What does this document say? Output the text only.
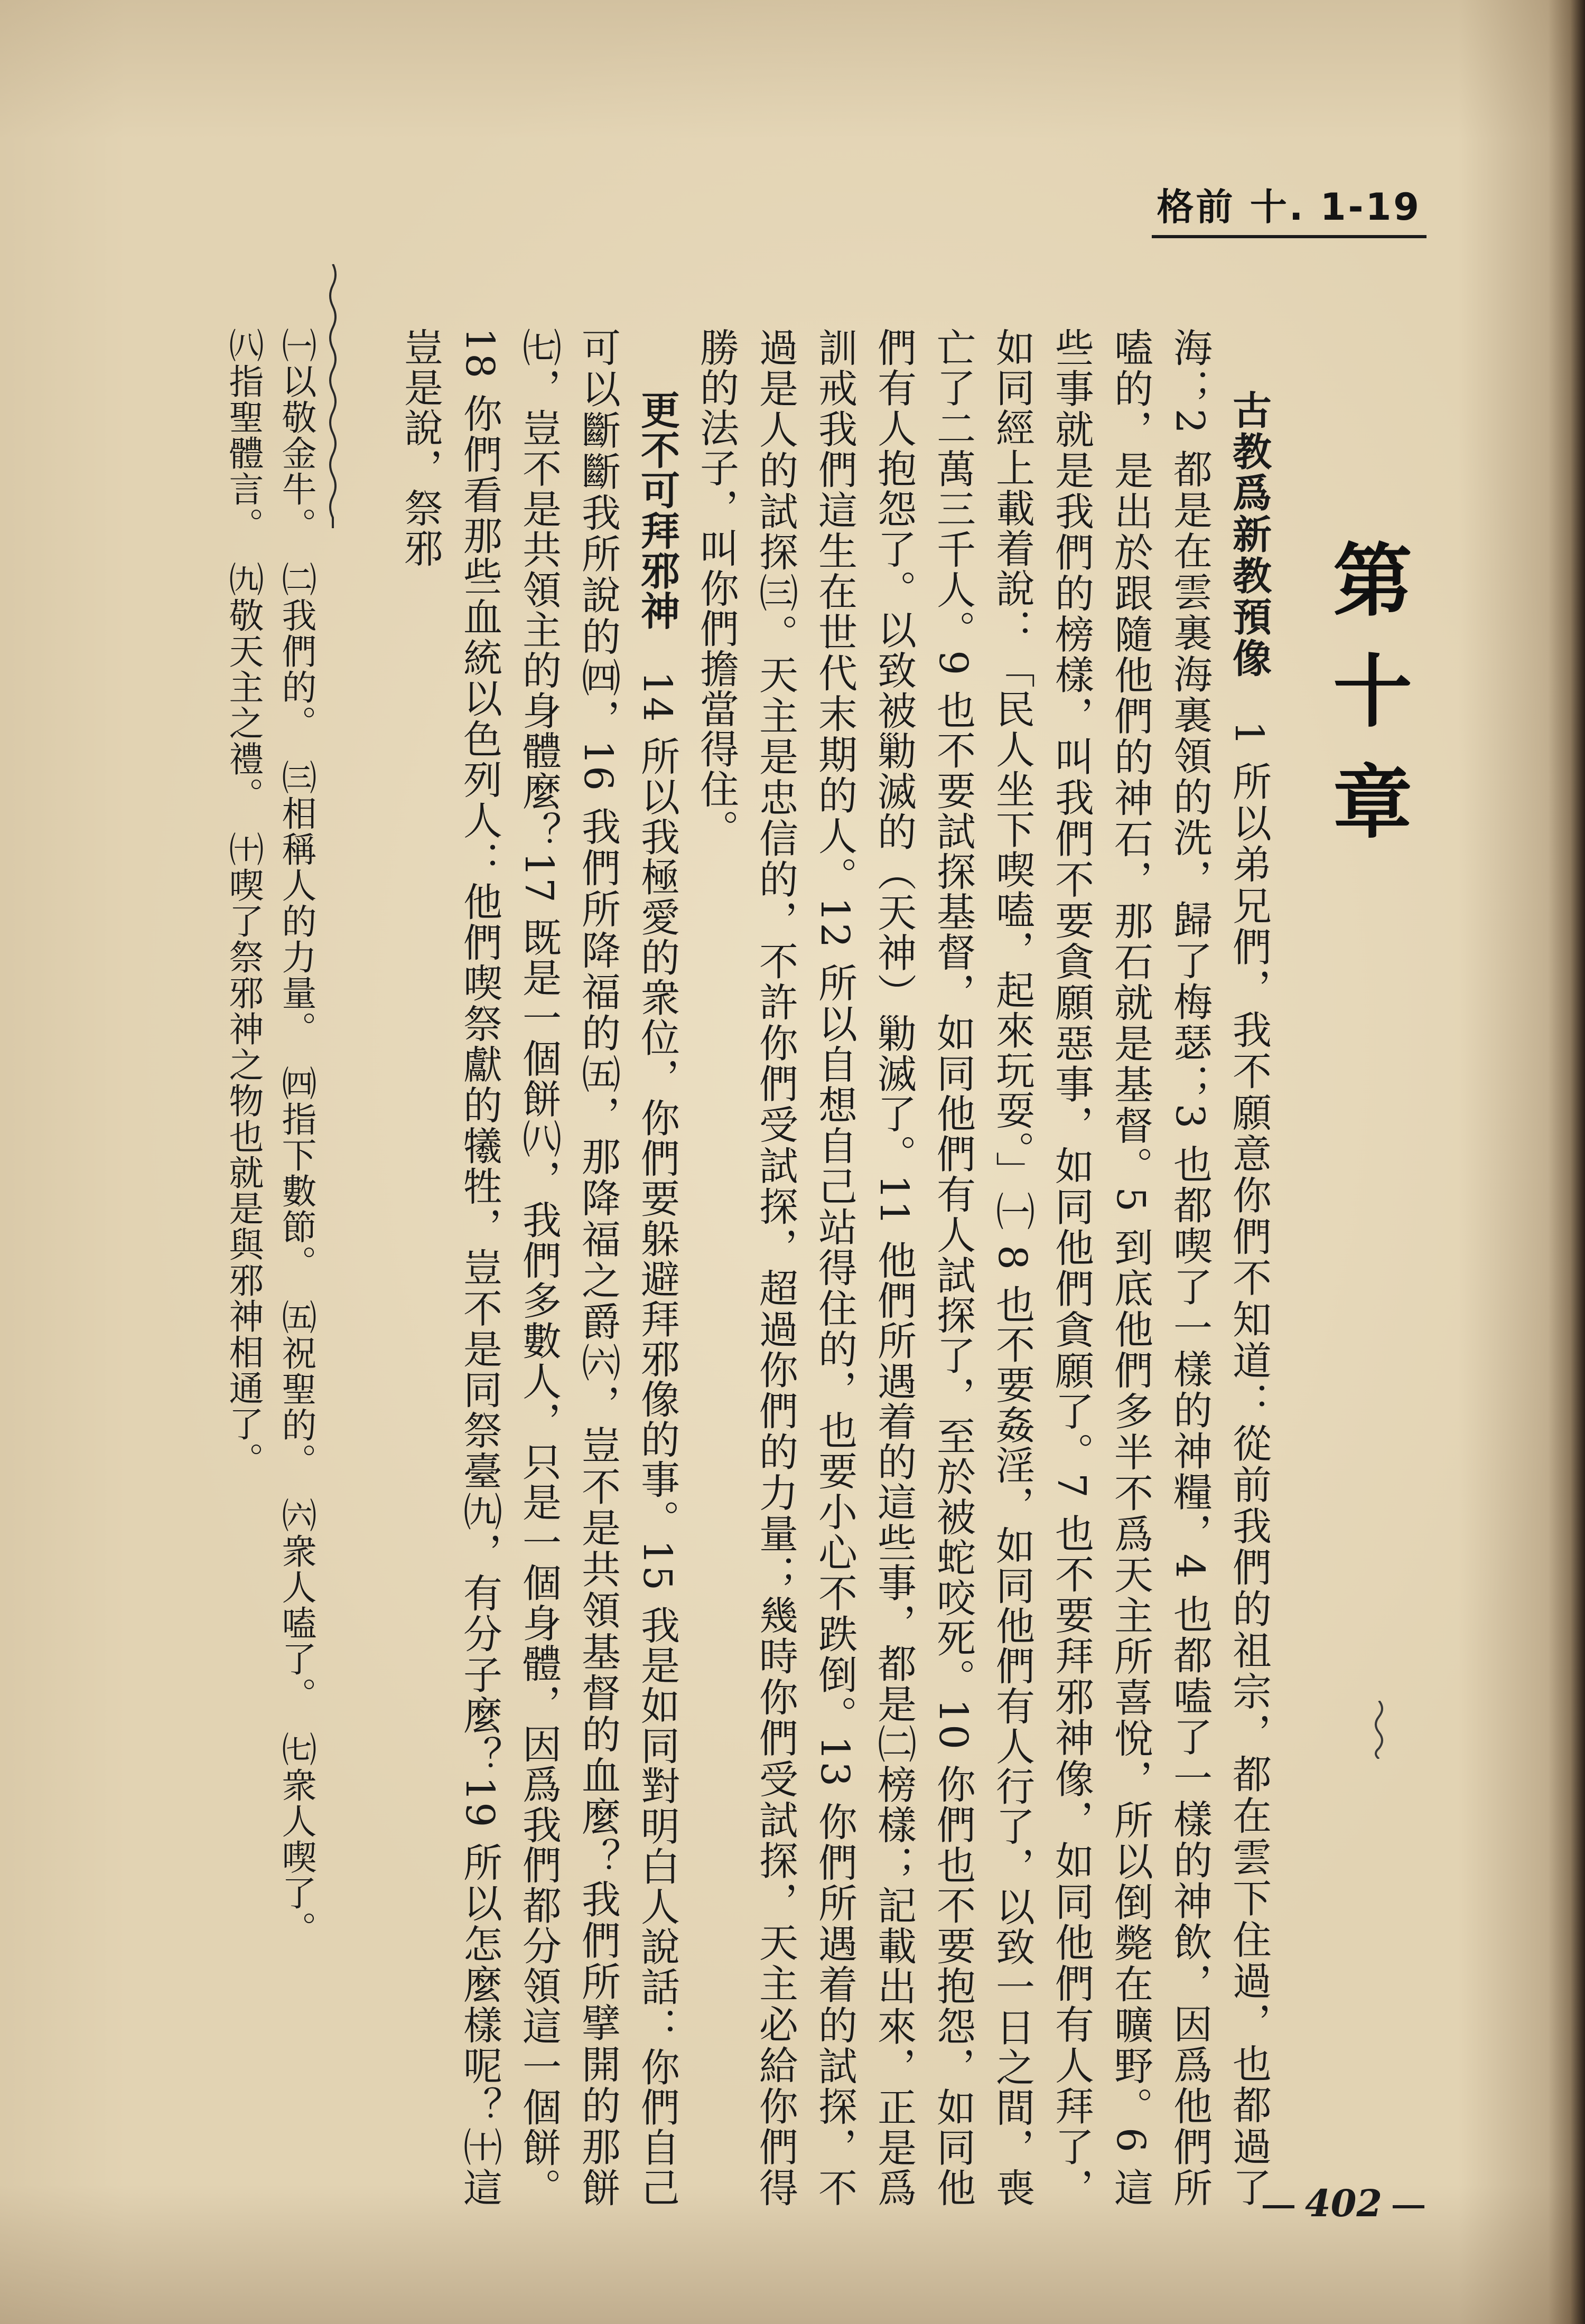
格前 十. 1-19
第十章

古教爲新教預像　1 所以弟兄們，我不願意你們不知道：從前我們的祖宗，都在雲下住過，也都過了海；2 都是在雲裏海裏領的洗，歸了梅瑟；3 也都喫了一樣的神糧，4 也都嗑了一樣的神飲，因爲他們所嗑的，是出於跟隨他們的神石，那石就是基督。5 到底他們多半不爲天主所喜悅，所以倒斃在曠野。6 這些事就是我們的榜樣，叫我們不要貪願惡事，如同他們貪願了。7 也不要拜邪神像，如同他們有人拜了，如同經上載着說：「民人坐下喫嗑，起來玩耍。」㈠ 8 也不要姦淫，如同他們有人行了，以致一日之間，喪亡了二萬三千人。9 也不要試探基督，如同他們有人試探了，至於被蛇咬死。10 你們也不要抱怨，如同他們有人抱怨了。以致被勦滅的（天神）勦滅了。11 他們所遇着的這些事，都是㈡榜樣；記載出來，正是爲訓戒我們這生在世代末期的人。12 所以自想自己站得住的，也要小心不跌倒。13 你們所遇着的試探，不過是人的試探㈢。天主是忠信的，不許你們受試探，超過你們的力量；幾時你們受試探，天主必給你們得勝的法子，叫你們擔當得住。

更不可拜邪神　14 所以我極愛的衆位，你們要躲避拜邪像的事。15 我是如同對明白人說話：你們自己可以斷斷我所說的㈣，16 我們所降福的㈤，那降福之爵㈥，豈不是共領基督的血麼？我們所擘開的那餅㈦，豈不是共領主的身體麼？17 既是一個餅㈧，我們多數人，只是一個身體，因爲我們都分領這一個餅。18 你們看那些血統以色列人：他們喫祭獻的犧牲，豈不是同祭臺㈨，有分子麼？19 所以怎麼樣呢？㈩這豈是說，祭邪

㈠以敬金牛。　㈡我們的。　㈢相稱人的力量。　㈣指下數節。　㈤祝聖的。　㈥衆人嗑了。　㈦衆人喫了。

㈧指聖體言。　㈨敬天主之禮。　㈩喫了祭邪神之物也就是與邪神相通了。

402
